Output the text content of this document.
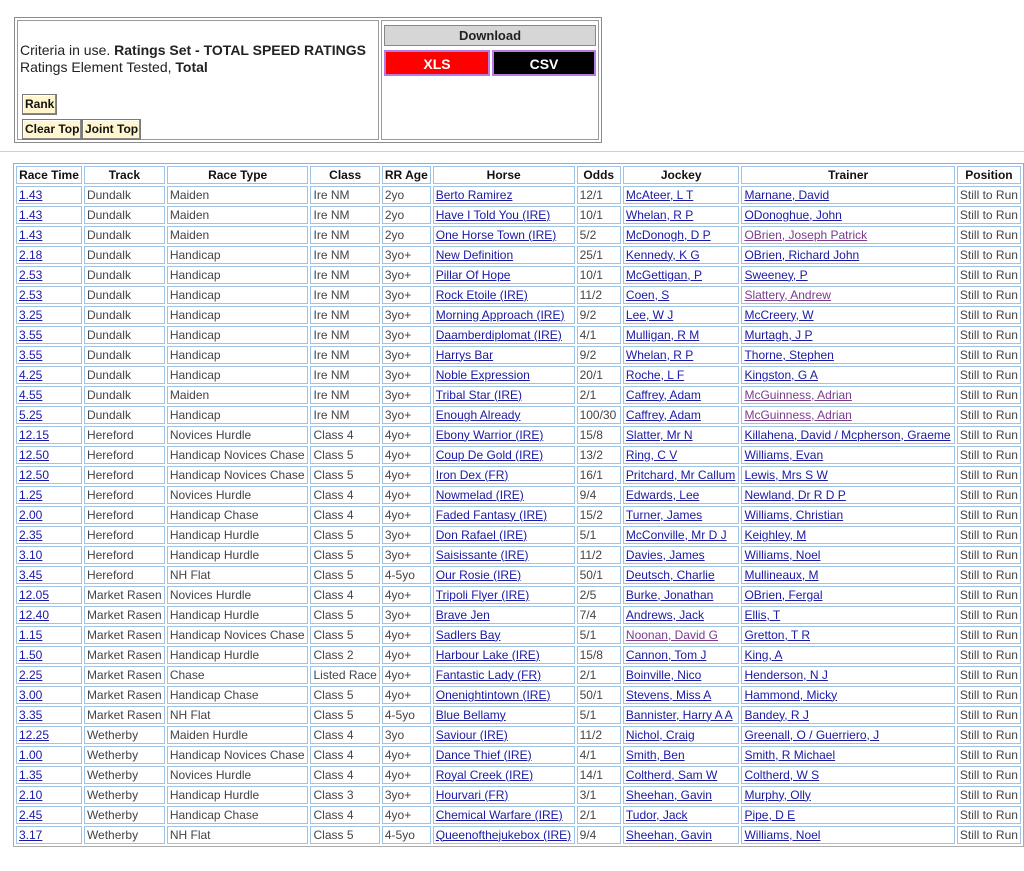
Criteria in use. Ratings Set - TOTAL SPEED RATINGS
Ratings Element Tested, Total
Rank
Clear Top Joint Top
Download
XLS	CSV
Race Time	Track	Race Type	Class	RR Age	Horse	Odds	Jockey	Trainer	Position
1.43	Dundalk	Maiden	Ire NM	2yo	Berto Ramirez	12/1	McAteer, L T	Marnane, David	Still to Run
1.43	Dundalk	Maiden	Ire NM	2yo	Have I Told You (IRE)	10/1	Whelan, R P	ODonoghue, John	Still to Run
1.43	Dundalk	Maiden	Ire NM	2yo	One Horse Town (IRE)	5/2	McDonogh, D P	OBrien, Joseph Patrick	Still to Run
2.18	Dundalk	Handicap	Ire NM	3yo+	New Definition	25/1	Kennedy, K G	OBrien, Richard John	Still to Run
2.53	Dundalk	Handicap	Ire NM	3yo+	Pillar Of Hope	10/1	McGettigan, P	Sweeney, P	Still to Run
2.53	Dundalk	Handicap	Ire NM	3yo+	Rock Etoile (IRE)	11/2	Coen, S	Slattery, Andrew	Still to Run
3.25	Dundalk	Handicap	Ire NM	3yo+	Morning Approach (IRE)	9/2	Lee, W J	McCreery, W	Still to Run
3.55	Dundalk	Handicap	Ire NM	3yo+	Daamberdiplomat (IRE)	4/1	Mulligan, R M	Murtagh, J P	Still to Run
3.55	Dundalk	Handicap	Ire NM	3yo+	Harrys Bar	9/2	Whelan, R P	Thorne, Stephen	Still to Run
4.25	Dundalk	Handicap	Ire NM	3yo+	Noble Expression	20/1	Roche, L F	Kingston, G A	Still to Run
4.55	Dundalk	Maiden	Ire NM	3yo+	Tribal Star (IRE)	2/1	Caffrey, Adam	McGuinness, Adrian	Still to Run
5.25	Dundalk	Handicap	Ire NM	3yo+	Enough Already	100/30	Caffrey, Adam	McGuinness, Adrian	Still to Run
12.15	Hereford	Novices Hurdle	Class 4	4yo+	Ebony Warrior (IRE)	15/8	Slatter, Mr N	Killahena, David / Mcpherson, Graeme	Still to Run
12.50	Hereford	Handicap Novices Chase	Class 5	4yo+	Coup De Gold (IRE)	13/2	Ring, C V	Williams, Evan	Still to Run
12.50	Hereford	Handicap Novices Chase	Class 5	4yo+	Iron Dex (FR)	16/1	Pritchard, Mr Callum	Lewis, Mrs S W	Still to Run
1.25	Hereford	Novices Hurdle	Class 4	4yo+	Nowmelad (IRE)	9/4	Edwards, Lee	Newland, Dr R D P	Still to Run
2.00	Hereford	Handicap Chase	Class 4	4yo+	Faded Fantasy (IRE)	15/2	Turner, James	Williams, Christian	Still to Run
2.35	Hereford	Handicap Hurdle	Class 5	3yo+	Don Rafael (IRE)	5/1	McConville, Mr D J	Keighley, M	Still to Run
3.10	Hereford	Handicap Hurdle	Class 5	3yo+	Saisissante (IRE)	11/2	Davies, James	Williams, Noel	Still to Run
3.45	Hereford	NH Flat	Class 5	4-5yo	Our Rosie (IRE)	50/1	Deutsch, Charlie	Mullineaux, M	Still to Run
12.05	Market Rasen	Novices Hurdle	Class 4	4yo+	Tripoli Flyer (IRE)	2/5	Burke, Jonathan	OBrien, Fergal	Still to Run
12.40	Market Rasen	Handicap Hurdle	Class 5	3yo+	Brave Jen	7/4	Andrews, Jack	Ellis, T	Still to Run
1.15	Market Rasen	Handicap Novices Chase	Class 5	4yo+	Sadlers Bay	5/1	Noonan, David G	Gretton, T R	Still to Run
1.50	Market Rasen	Handicap Hurdle	Class 2	4yo+	Harbour Lake (IRE)	15/8	Cannon, Tom J	King, A	Still to Run
2.25	Market Rasen	Chase	Listed Race	4yo+	Fantastic Lady (FR)	2/1	Boinville, Nico	Henderson, N J	Still to Run
3.00	Market Rasen	Handicap Chase	Class 5	4yo+	Onenightintown (IRE)	50/1	Stevens, Miss A	Hammond, Micky	Still to Run
3.35	Market Rasen	NH Flat	Class 5	4-5yo	Blue Bellamy	5/1	Bannister, Harry A A	Bandey, R J	Still to Run
12.25	Wetherby	Maiden Hurdle	Class 4	3yo	Saviour (IRE)	11/2	Nichol, Craig	Greenall, O / Guerriero, J	Still to Run
1.00	Wetherby	Handicap Novices Chase	Class 4	4yo+	Dance Thief (IRE)	4/1	Smith, Ben	Smith, R Michael	Still to Run
1.35	Wetherby	Novices Hurdle	Class 4	4yo+	Royal Creek (IRE)	14/1	Coltherd, Sam W	Coltherd, W S	Still to Run
2.10	Wetherby	Handicap Hurdle	Class 3	3yo+	Hourvari (FR)	3/1	Sheehan, Gavin	Murphy, Olly	Still to Run
2.45	Wetherby	Handicap Chase	Class 4	4yo+	Chemical Warfare (IRE)	2/1	Tudor, Jack	Pipe, D E	Still to Run
3.17	Wetherby	NH Flat	Class 5	4-5yo	Queenofthejukebox (IRE)	9/4	Sheehan, Gavin	Williams, Noel	Still to Run
